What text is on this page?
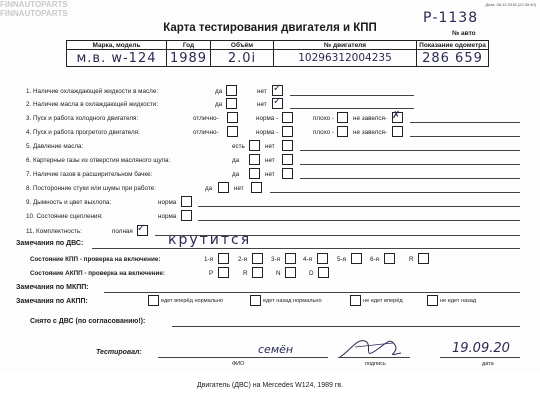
FINNAUTOPARTS
FINNAUTOPARTS
Дата: 06.12.2018 (22:39:40)
Карта тестирования двигателя и КПП
Р-1138
№ авто
Марка, модель	Год	Объём	№ двигателя	Показание одометра
м.в. w-124	1989	2.0i	10296312004235	286 659
1. Наличие охлаждающей жидкости в масле:	да	нет ✓
2. Наличие масла в охлаждающей жидкости:	да	нет ✓
3. Пуск и работа холодного двигателя:	отлично-	норма -	плохо -	не завелся- ✗
4. Пуск и работа прогретого двигателя:	отлично-	норма -	плохо -	не завелся-
5. Давление масла:	есть	нет
6. Картерные газы из отверстия масляного щупа:	да	нет
7. Наличие газов в расширительном бачке:	да	нет
8. Посторонние стуки или шумы при работе:	да	нет
9. Дымность и цвет выхлопа:	норма
10. Состояние сцепления:	норма
11. Комплектность:	полная ✓
Замечания по ДВС:	крутится
Состояние КПП - проверка на включение:	1-я	2-я	3-я	4-я	5-я	6-я	R
Состояние АКПП - проверка на включение:	P	R	N	D
Замечания по МКПП:
Замечания по АКПП:	едет вперёд нормально	едет назад нормально	не едет вперёд	не едет назад
Снято с ДВС (по согласованию!):
Тестировал:	семён
ФИО	подпись
19.09.20
дата
Двигатель (ДВС) на Mercedes W124, 1989 гв.
